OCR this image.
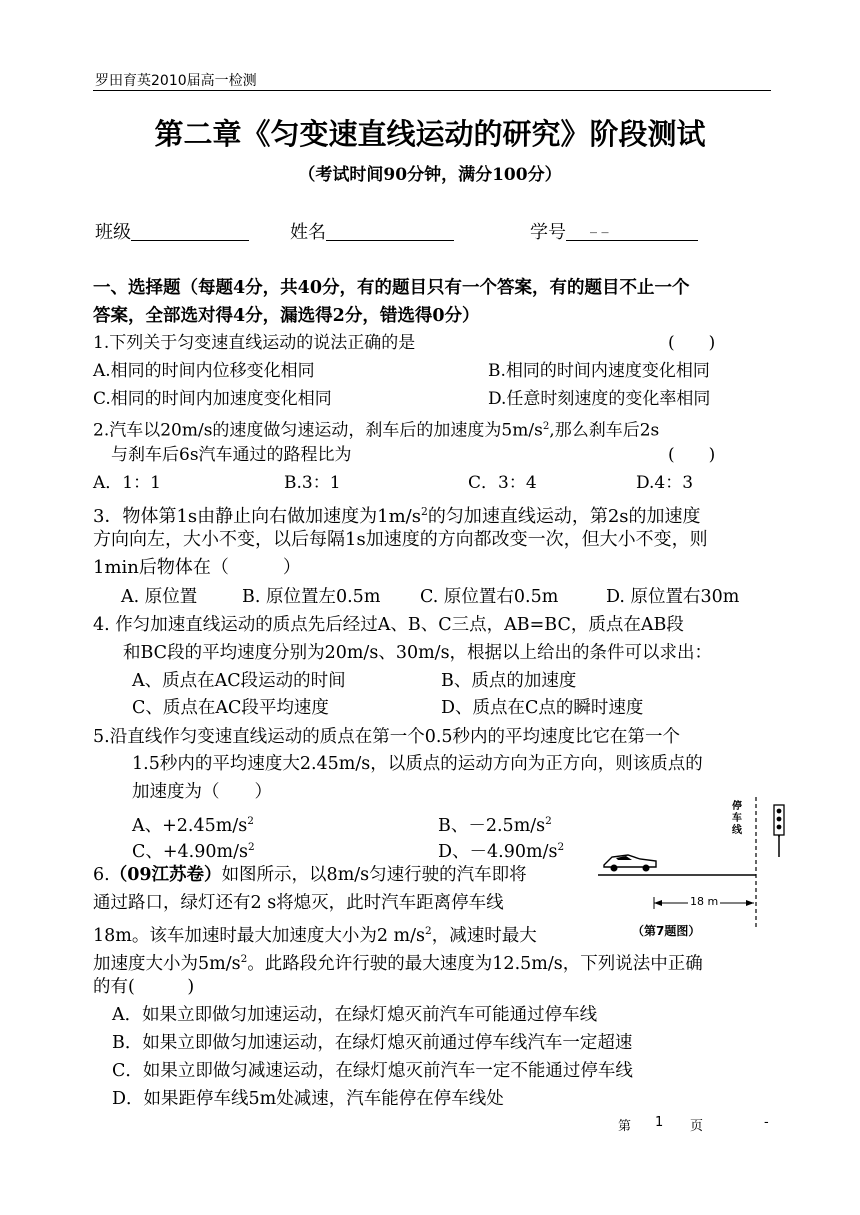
罗田育英2010届高一检测
第二章《匀变速直线运动的研究》阶段测试
（考试时间90分钟，满分100分）
班级	姓名	学号 _ _
一、选择题（每题4分，共40分，有的题目只有一个答案，有的题目不止一个
答案，全部选对得4分，漏选得2分，错选得0分）
1.下列关于匀变速直线运动的说法正确的是	(　　)
A.相同的时间内位移变化相同	B.相同的时间内速度变化相同
C.相同的时间内加速度变化相同	D.任意时刻速度的变化率相同
2.汽车以20m/s的速度做匀速运动，刹车后的加速度为$5m/s^2$,那么刹车后2s
与刹车后6s汽车通过的路程比为	(　　)
A．1：1	B.3：1	C．3：4	D.4：3
3．物体第1s由静止向右做加速度为$1m/s^2$的匀加速直线运动，第2s的加速度
方向向左，大小不变，以后每隔1s加速度的方向都改变一次，但大小不变，则
1min后物体在（　　　）
A. 原位置	B. 原位置左0.5m C. 原位置右0.5m	D. 原位置右30m
4. 作匀加速直线运动的质点先后经过A、B、C三点，AB=BC，质点在AB段
和BC段的平均速度分别为20m/s、30m/s，根据以上给出的条件可以求出：
A、质点在AC段运动的时间	B、质点的加速度
C、质点在AC段平均速度	D、质点在C点的瞬时速度
5.沿直线作匀变速直线运动的质点在第一个0.5秒内的平均速度比它在第一个
1.5秒内的平均速度大2.45m/s，以质点的运动方向为正方向，则该质点的
加速度为（　　）
A、$+2.45m/s^2$	B、$-2.5m/s^2$
C、$+4.90m/s^2$	D、$-4.90m/s^2$
6.（09江苏卷）如图所示，以8m/s匀速行驶的汽车即将
通过路口，绿灯还有2 s将熄灭，此时汽车距离停车线
18m。该车加速时最大加速度大小为2 $m/s^2$，减速时最大
加速度大小为$5m/s^2$。此路段允许行驶的最大速度为12.5m/s，下列说法中正确
的有(　　　)
A．如果立即做匀加速运动，在绿灯熄灭前汽车可能通过停车线
B．如果立即做匀加速运动，在绿灯熄灭前通过停车线汽车一定超速
C．如果立即做匀减速运动，在绿灯熄灭前汽车一定不能通过停车线
D．如果距停车线5m处减速，汽车能停在停车线处
停车线
18 m
（第7题图）
第 1 页	-
